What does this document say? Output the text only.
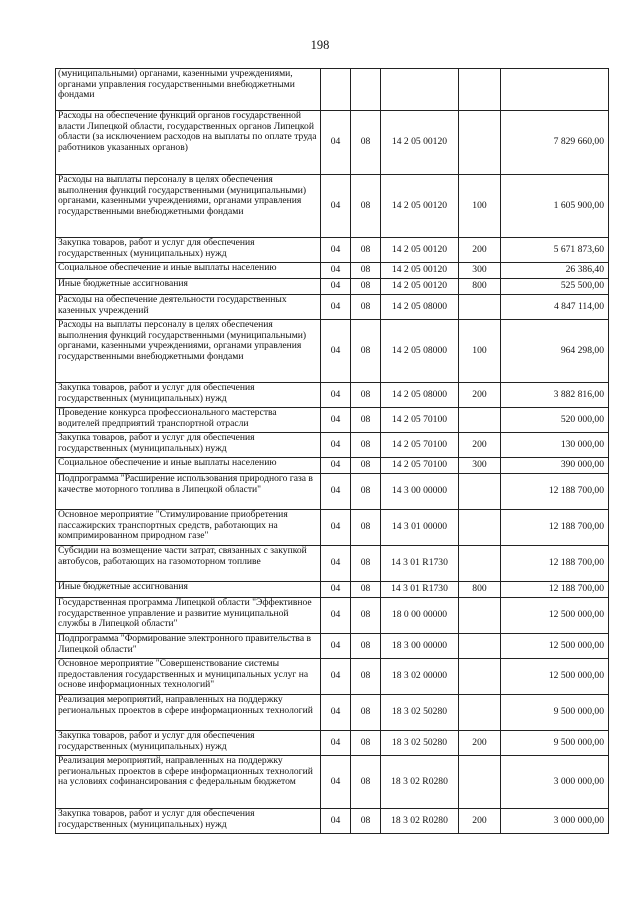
198
(муниципальными) органами, казенными учреждениями, органами управления государственными внебюджетными фондами					
Расходы на обеспечение функций органов государственной власти Липецкой области, государственных органов Липецкой области (за исключением расходов на выплаты по оплате труда работников указанных органов)	04	08	14 2 05 00120		7 829 660,00
Расходы на выплаты персоналу в целях обеспечения выполнения функций государственными (муниципальными) органами, казенными учреждениями, органами управления государственными внебюджетными фондами	04	08	14 2 05 00120	100	1 605 900,00
Закупка товаров, работ и услуг для обеспечения государственных (муниципальных) нужд	04	08	14 2 05 00120	200	5 671 873,60
Социальное обеспечение и иные выплаты населению	04	08	14 2 05 00120	300	26 386,40
Иные бюджетные ассигнования	04	08	14 2 05 00120	800	525 500,00
Расходы на обеспечение деятельности государственных казенных учреждений	04	08	14 2 05 08000		4 847 114,00
Расходы на выплаты персоналу в целях обеспечения выполнения функций государственными (муниципальными) органами, казенными учреждениями, органами управления государственными внебюджетными фондами	04	08	14 2 05 08000	100	964 298,00
Закупка товаров, работ и услуг для обеспечения государственных (муниципальных) нужд	04	08	14 2 05 08000	200	3 882 816,00
Проведение конкурса профессионального мастерства водителей предприятий транспортной отрасли	04	08	14 2 05 70100		520 000,00
Закупка товаров, работ и услуг для обеспечения государственных (муниципальных) нужд	04	08	14 2 05 70100	200	130 000,00
Социальное обеспечение и иные выплаты населению	04	08	14 2 05 70100	300	390 000,00
Подпрограмма "Расширение использования природного газа в качестве моторного топлива в Липецкой области"	04	08	14 3 00 00000		12 188 700,00
Основное мероприятие "Стимулирование приобретения пассажирских транспортных средств, работающих на компримированном природном газе"	04	08	14 3 01 00000		12 188 700,00
Субсидии на возмещение части затрат, связанных с закупкой автобусов, работающих на газомоторном топливе	04	08	14 3 01 R1730		12 188 700,00
Иные бюджетные ассигнования	04	08	14 3 01 R1730	800	12 188 700,00
Государственная программа Липецкой области "Эффективное государственное управление и развитие муниципальной службы в Липецкой области"	04	08	18 0 00 00000		12 500 000,00
Подпрограмма "Формирование электронного правительства в Липецкой области"	04	08	18 3 00 00000		12 500 000,00
Основное мероприятие "Совершенствование системы предоставления государственных и муниципальных услуг на основе информационных технологий"	04	08	18 3 02 00000		12 500 000,00
Реализация мероприятий, направленных на поддержку региональных проектов в сфере информационных технологий	04	08	18 3 02 50280		9 500 000,00
Закупка товаров, работ и услуг для обеспечения государственных (муниципальных) нужд	04	08	18 3 02 50280	200	9 500 000,00
Реализация мероприятий, направленных на поддержку региональных проектов в сфере информационных технологий на условиях софинансирования с федеральным бюджетом	04	08	18 3 02 R0280		3 000 000,00
Закупка товаров, работ и услуг для обеспечения государственных (муниципальных) нужд	04	08	18 3 02 R0280	200	3 000 000,00
